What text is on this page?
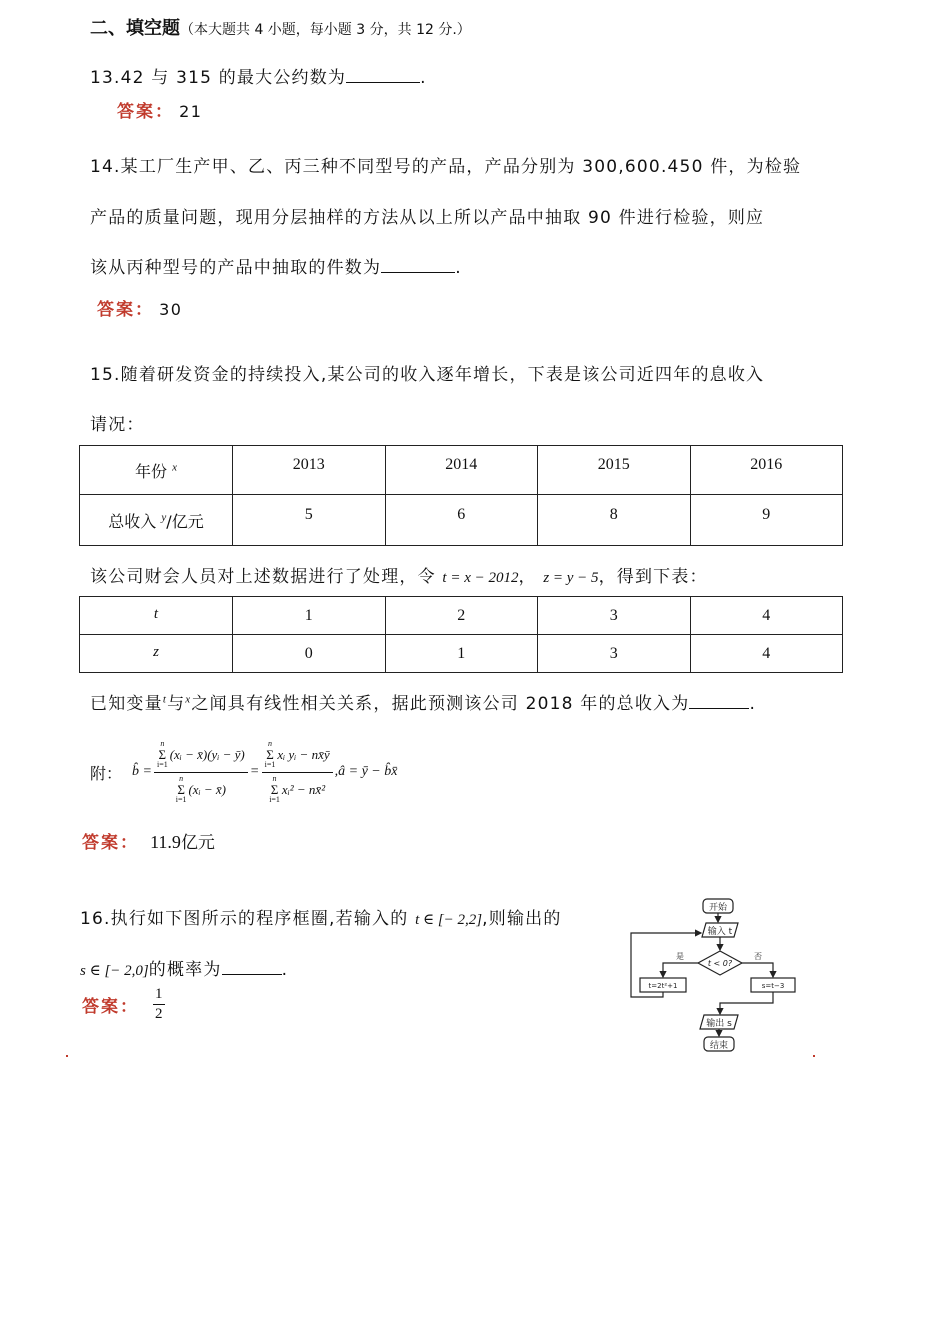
二、填空题（本大题共 4 小题，每小题 3 分，共 12 分.）
13.42 与 315 的最大公约数为	.
答案： 21
14.某工厂生产甲、乙、丙三种不同型号的产品，产品分别为 300,600.450 件，为检验
产品的质量问题，现用分层抽样的方法从以上所以产品中抽取 90 件进行检验，则应
该从丙种型号的产品中抽取的件数为	.
答案： 30
15.随着研发资金的持续投入,某公司的收入逐年增长，下表是该公司近四年的息收入
请况：
年份 $^x$	2013	2014	2015	2016
总收入 $^y$/亿元	5	6	8	9
该公司财会人员对上述数据进行了处理，令 t = x − 2012， z = y − 5，得到下表：
t	1	2	3	4
z	0	1	3	4
已知变量$^t$与$^x$之闻具有线性相关关系，据此预测该公司 2018 年的总收入为	.
附： b̂ = n
Σ
i=1
(xᵢ − x̄)(yᵢ − ȳ)
n
Σ
i=1
(xᵢ − x̄) = n
Σ
i=1
xᵢ yᵢ − nx̄ȳ
n
Σ
i=1
xᵢ² − nx̄² ,â = ȳ − b̂x̄
答案： 11.9亿元
16.执行如下图所示的程序框圈,若输入的 t ∈ [− 2,2],则输出的
s ∈ [− 2,0]的概率为	.
答案： $\frac{1}{2}$
开始
输入 t
t < 0?
是	否
t=2t²+1	s=t−3
输出 s
结束
